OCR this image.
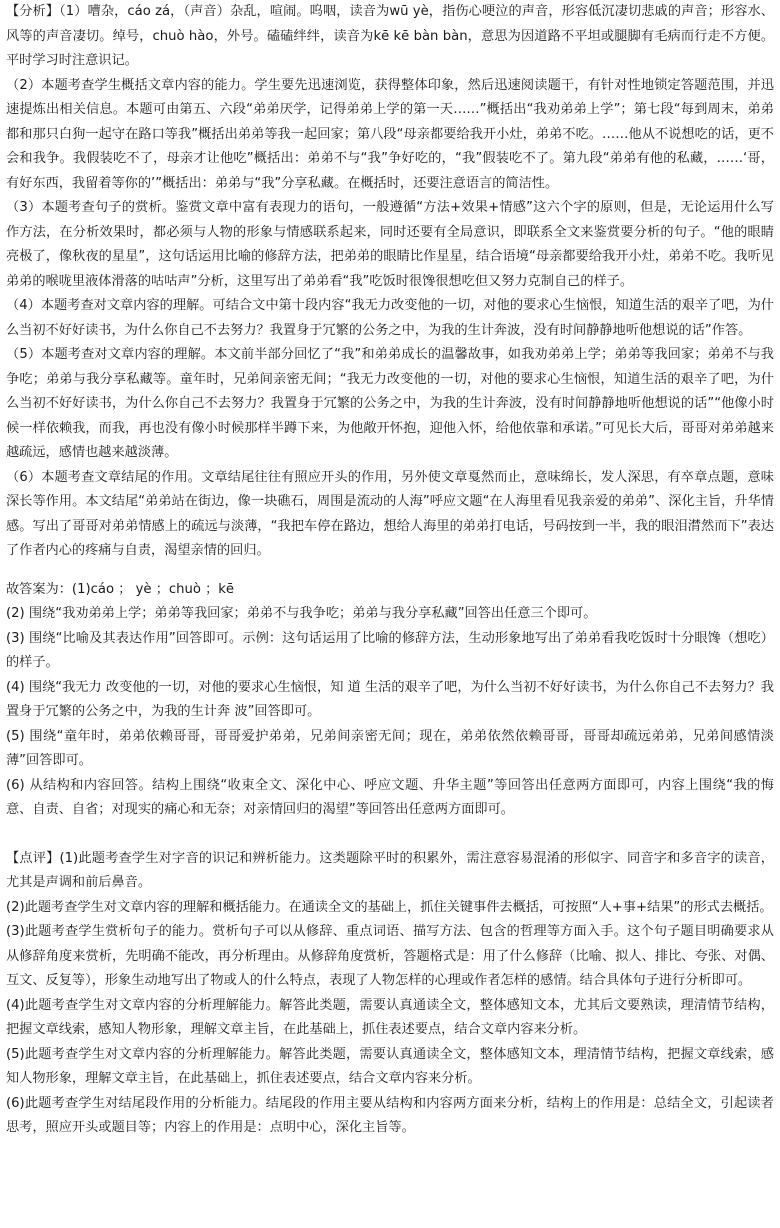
【分析】（1）嘈杂，cáo zá，（声音）杂乱，喧闹。呜咽，读音为wū yè，指伤心哽泣的声音，形容低沉凄切悲戚的声音；形容水、风等的声音凄切。绰号，chuò hào，外号。磕磕绊绊，读音为kē kē bàn bàn，意思为因道路不平坦或腿脚有毛病而行走不方便。平时学习时注意识记。

（2）本题考查学生概括文章内容的能力。学生要先迅速浏览，获得整体印象，然后迅速阅读题干，有针对性地锁定答题范围，并迅速提炼出相关信息。本题可由第五、六段“弟弟厌学，记得弟弟上学的第一天……”概括出“我劝弟弟上学”；第七段“每到周末，弟弟都和那只白狗一起守在路口等我”概括出弟弟等我一起回家；第八段“母亲都要给我开小灶，弟弟不吃。……他从不说想吃的话，更不会和我争。我假装吃不了，母亲才让他吃”概括出：弟弟不与“我”争好吃的，“我”假装吃不了。第九段“弟弟有他的私藏，……‘哥，有好东西，我留着等你的’”概括出：弟弟与“我”分享私藏。在概括时，还要注意语言的简洁性。

（3）本题考查句子的赏析。鉴赏文章中富有表现力的语句，一般遵循“方法+效果+情感”这六个字的原则，但是，无论运用什么写作方法，在分析效果时，都必须与人物的形象与情感联系起来，同时还要有全局意识，即联系全文来鉴赏要分析的句子。“他的眼睛亮极了，像秋夜的星星”，这句话运用比喻的修辞方法，把弟弟的眼睛比作星星，结合语境“母亲都要给我开小灶，弟弟不吃。我听见弟弟的喉咙里液体滑落的咕咕声”分析，这里写出了弟弟看“我”吃饭时很馋很想吃但又努力克制自己的样子。

（4）本题考查对文章内容的理解。可结合文中第十段内容“我无力改变他的一切，对他的要求心生恼恨，知道生活的艰辛了吧，为什么当初不好好读书，为什么你自己不去努力？我置身于冗繁的公务之中，为我的生计奔波，没有时间静静地听他想说的话”作答。

（5）本题考查对文章内容的理解。本文前半部分回忆了“我”和弟弟成长的温馨故事，如我劝弟弟上学；弟弟等我回家；弟弟不与我争吃；弟弟与我分享私藏等。童年时，兄弟间亲密无间；“我无力改变他的一切，对他的要求心生恼恨，知道生活的艰辛了吧，为什么当初不好好读书，为什么你自己不去努力？我置身于冗繁的公务之中，为我的生计奔波，没有时间静静地听他想说的话”“他像小时候一样依赖我，而我，再也没有像小时候那样半蹲下来，为他敞开怀抱，迎他入怀，给他依靠和承诺。”可见长大后，哥哥对弟弟越来越疏远，感情也越来越淡薄。

（6）本题考查文章结尾的作用。文章结尾往往有照应开头的作用，另外使文章戛然而止，意味绵长，发人深思，有卒章点题，意味深长等作用。本文结尾“弟弟站在街边，像一块礁石，周围是流动的人海”呼应文题“在人海里看见我亲爱的弟弟”、深化主旨，升华情感。写出了哥哥对弟弟情感上的疏远与淡薄，“我把车停在路边，想给人海里的弟弟打电话，号码按到一半，我的眼泪潸然而下”表达了作者内心的疼痛与自责，渴望亲情的回归。

故答案为：(1)cáo ； yè ；chuò ；kē

(2) 围绕“我劝弟弟上学；弟弟等我回家；弟弟不与我争吃；弟弟与我分享私藏”回答出任意三个即可。

(3) 围绕“比喻及其表达作用”回答即可。示例：这句话运用了比喻的修辞方法，生动形象地写出了弟弟看我吃饭时十分眼馋（想吃）的样子。

(4) 围绕“我无力 改变他的一切，对他的要求心生恼恨，知 道 生活的艰辛了吧，为什么当初不好好读书，为什么你自己不去努力？我置身于冗繁的公务之中，为我的生计奔 波”回答即可。

(5) 围绕“童年时，弟弟依赖哥哥，哥哥爱护弟弟，兄弟间亲密无间；现在，弟弟依然依赖哥哥，哥哥却疏远弟弟，兄弟间感情淡薄”回答即可。

(6) 从结构和内容回答。结构上围绕“收束全文、深化中心、呼应文题、升华主题”等回答出任意两方面即可，内容上围绕“我的悔意、自责、自省；对现实的痛心和无奈；对亲情回归的渴望”等回答出任意两方面即可。

【点评】(1)此题考查学生对字音的识记和辨析能力。这类题除平时的积累外，需注意容易混淆的形似字、同音字和多音字的读音，尤其是声调和前后鼻音。

(2)此题考查学生对文章内容的理解和概括能力。在通读全文的基础上，抓住关键事件去概括，可按照“人+事+结果”的形式去概括。

(3)此题考查学生赏析句子的能力。赏析句子可以从修辞、重点词语、描写方法、包含的哲理等方面入手。这个句子题目明确要求从从修辞角度来赏析，先明确不能改，再分析理由。从修辞角度赏析，答题格式是：用了什么修辞（比喻、拟人、排比、夸张、对偶、互文、反复等），形象生动地写出了物或人的什么特点，表现了人物怎样的心理或作者怎样的感情。结合具体句子进行分析即可。

(4)此题考查学生对文章内容的分析理解能力。解答此类题，需要认真通读全文，整体感知文本，尤其后文要熟读，理清情节结构，把握文章线索，感知人物形象，理解文章主旨，在此基础上，抓住表述要点，结合文章内容来分析。

(5)此题考查学生对文章内容的分析理解能力。解答此类题，需要认真通读全文，整体感知文本，理清情节结构，把握文章线索，感知人物形象，理解文章主旨，在此基础上，抓住表述要点，结合文章内容来分析。

(6)此题考查学生对结尾段作用的分析能力。结尾段的作用主要从结构和内容两方面来分析，结构上的作用是：总结全文，引起读者思考，照应开头或题目等；内容上的作用是：点明中心，深化主旨等。
